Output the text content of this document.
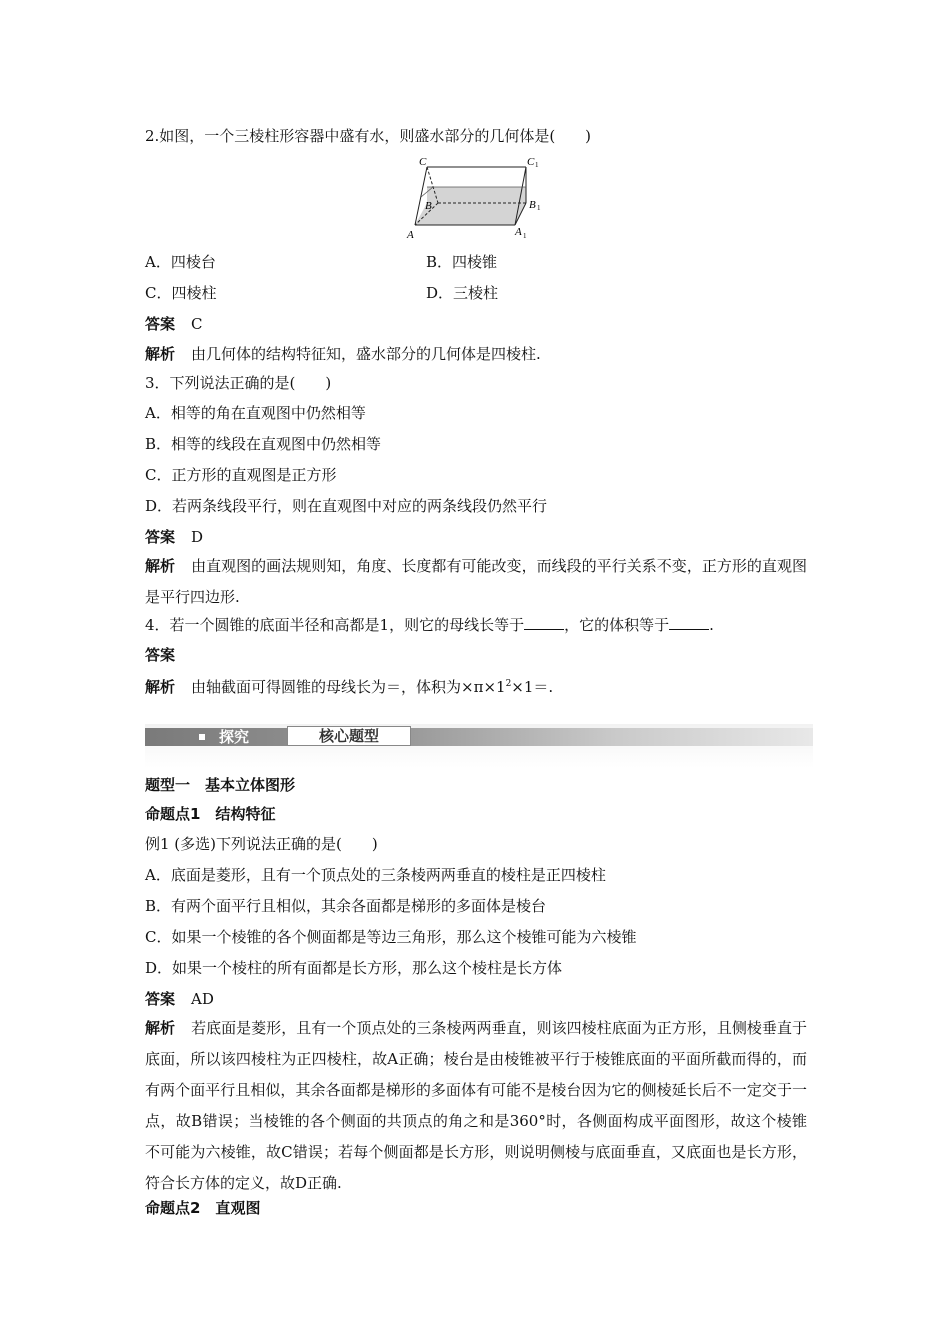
2.如图，一个三棱柱形容器中盛有水，则盛水部分的几何体是(　　)
C	C 1
B	B 1
A	A 1
A．四棱台	B．四棱锥
C．四棱柱	D．三棱柱
答案 C
解析 由几何体的结构特征知，盛水部分的几何体是四棱柱.
3．下列说法正确的是(　　)
A．相等的角在直观图中仍然相等
B．相等的线段在直观图中仍然相等
C．正方形的直观图是正方形
D．若两条线段平行，则在直观图中对应的两条线段仍然平行
答案 D
解析 由直观图的画法规则知，角度、长度都有可能改变，而线段的平行关系不变，正方形的直观图是平行四边形.
4．若一个圆锥的底面半径和高都是1，则它的母线长等于	，它的体积等于	.
答案
解析 由轴截面可得圆锥的母线长为＝，体积为$\times\pi\times 1^2\times 1=$.
探究	核心题型
题型一　基本立体图形
命题点1　结构特征
例1 (多选)下列说法正确的是(　　)
A．底面是菱形，且有一个顶点处的三条棱两两垂直的棱柱是正四棱柱
B．有两个面平行且相似，其余各面都是梯形的多面体是棱台
C．如果一个棱锥的各个侧面都是等边三角形，那么这个棱锥可能为六棱锥
D．如果一个棱柱的所有面都是长方形，那么这个棱柱是长方体
答案 AD
解析 若底面是菱形，且有一个顶点处的三条棱两两垂直，则该四棱柱底面为正方形，且侧棱垂直于底面，所以该四棱柱为正四棱柱，故A正确；棱台是由棱锥被平行于棱锥底面的平面所截而得的，而有两个面平行且相似，其余各面都是梯形的多面体有可能不是棱台因为它的侧棱延长后不一定交于一点，故B错误；当棱锥的各个侧面的共顶点的角之和是360°时，各侧面构成平面图形，故这个棱锥不可能为六棱锥，故C错误；若每个侧面都是长方形，则说明侧棱与底面垂直，又底面也是长方形，符合长方体的定义，故D正确.
命题点2　直观图
